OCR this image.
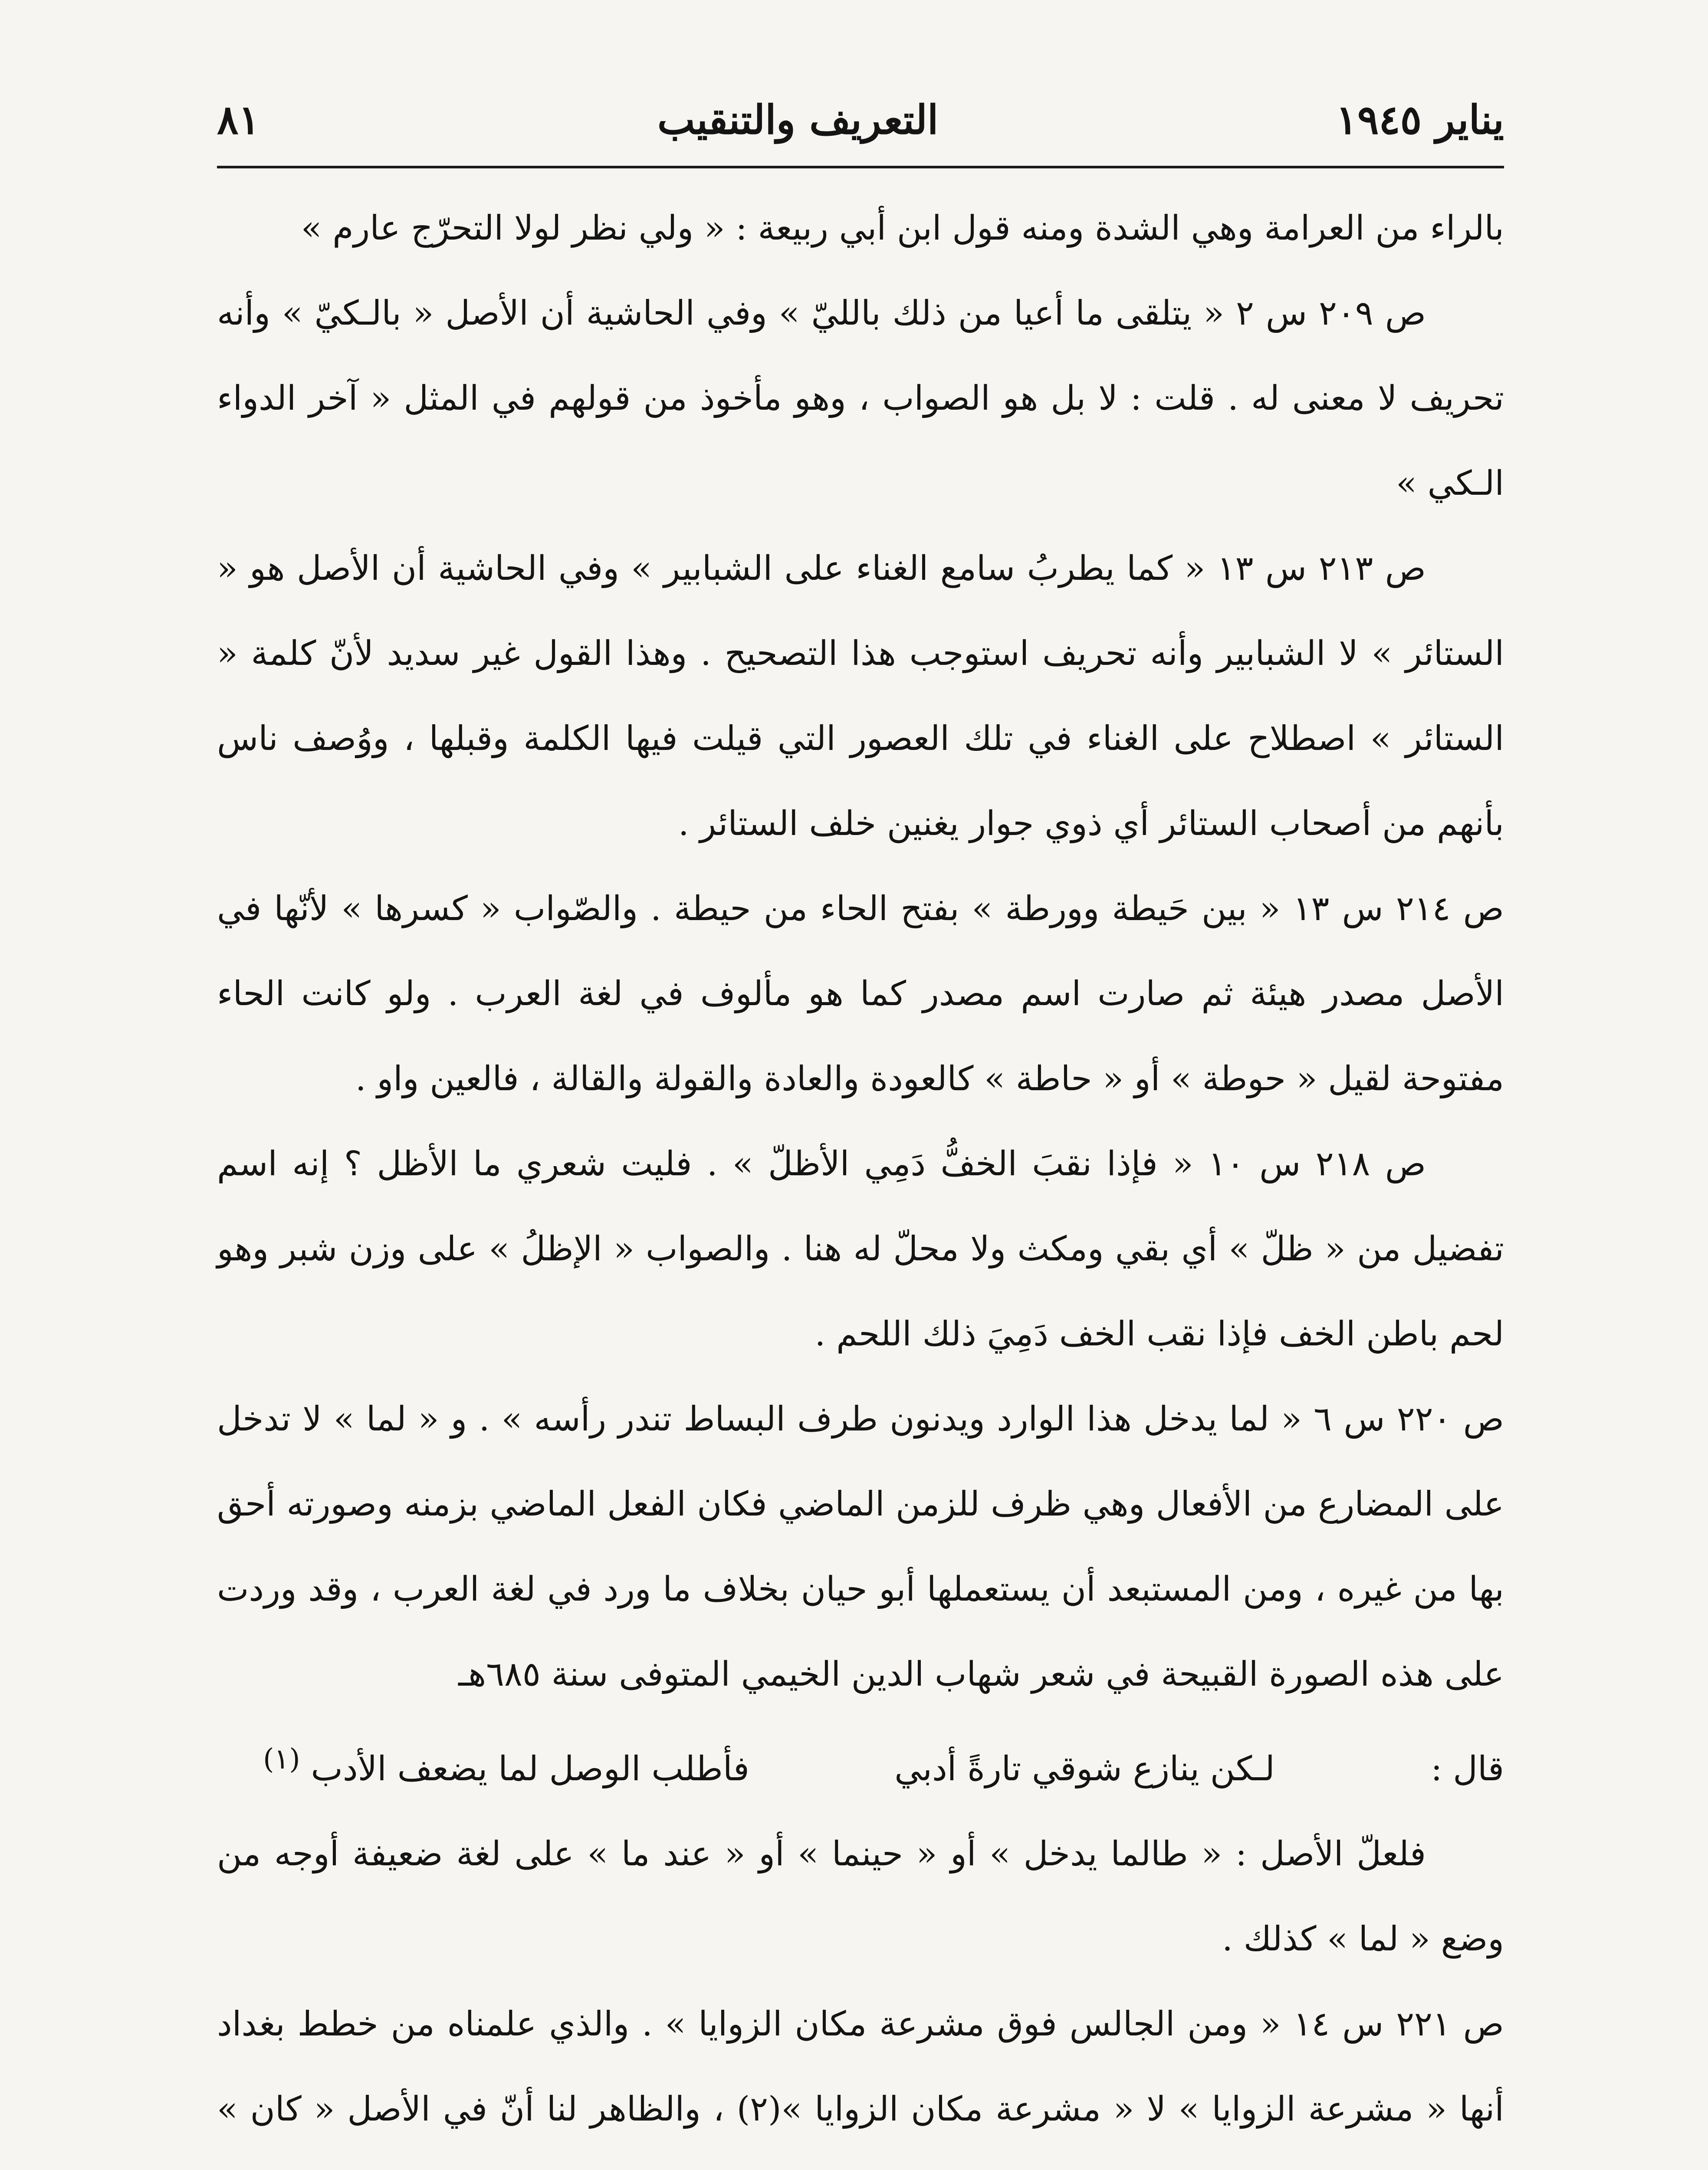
يناير ١٩٤٥
التعريف والتنقيب
٨١

بالراء من العرامة وهي الشدة ومنه قول ابن أبي ربيعة : « ولي نظر لولا التحرّج عارم »

ص ٢٠٩ س ٢ « يتلقى ما أعيا من ذلك بالليّ » وفي الحاشية أن الأصل « بالـكيّ » وأنه تحريف لا معنى له . قلت : لا بل هو الصواب ، وهو مأخوذ من قولهم في المثل « آخر الدواء الـكي »

ص ٢١٣ س ١٣ « كما يطربُ سامع الغناء على الشبابير » وفي الحاشية أن الأصل هو « الستائر » لا الشبابير وأنه تحريف استوجب هذا التصحيح . وهذا القول غير سديد لأنّ كلمة « الستائر » اصطلاح على الغناء في تلك العصور التي قيلت فيها الكلمة وقبلها ، ووُصف ناس بأنهم من أصحاب الستائر أي ذوي جوار يغنين خلف الستائر .

ص ٢١٤ س ١٣ « بين حَيطة وورطة » بفتح الحاء من حيطة . والصّواب « كسرها » لأنّها في الأصل مصدر هيئة ثم صارت اسم مصدر كما هو مألوف في لغة العرب . ولو كانت الحاء مفتوحة لقيل « حوطة » أو « حاطة » كالعودة والعادة والقولة والقالة ، فالعين واو .

ص ٢١٨ س ١٠ « فإذا نقبَ الخفُّ دَمِي الأظلّ » . فليت شعري ما الأظل ؟ إنه اسم تفضيل من « ظلّ » أي بقي ومكث ولا محلّ له هنا . والصواب « الإظلُ » على وزن شبر وهو لحم باطن الخف فإذا نقب الخف دَمِيَ ذلك اللحم .

ص ٢٢٠ س ٦ « لما يدخل هذا الوارد ويدنون طرف البساط تندر رأسه » . و « لما » لا تدخل على المضارع من الأفعال وهي ظرف للزمن الماضي فكان الفعل الماضي بزمنه وصورته أحق بها من غيره ، ومن المستبعد أن يستعملها أبو حيان بخلاف ما ورد في لغة العرب ، وقد وردت على هذه الصورة القبيحة في شعر شهاب الدين الخيمي المتوفى سنة ٦٨٥هـ

قال :
لـكن ينازع شوقي تارةً أدبي
فأطلب الوصل لما يضعف الأدب $^{(١)}$

فلعلّ الأصل : « طالما يدخل » أو « حينما » أو « عند ما » على لغة ضعيفة أوجه من وضع « لما » كذلك .

ص ٢٢١ س ١٤ « ومن الجالس فوق مشرعة مكان الزوايا » . والذي علمناه من خطط بغداد أنها « مشرعة الزوايا » لا « مشرعة مكان الزوايا »(٢) ، والظاهر لنا أنّ في الأصل « كان »
